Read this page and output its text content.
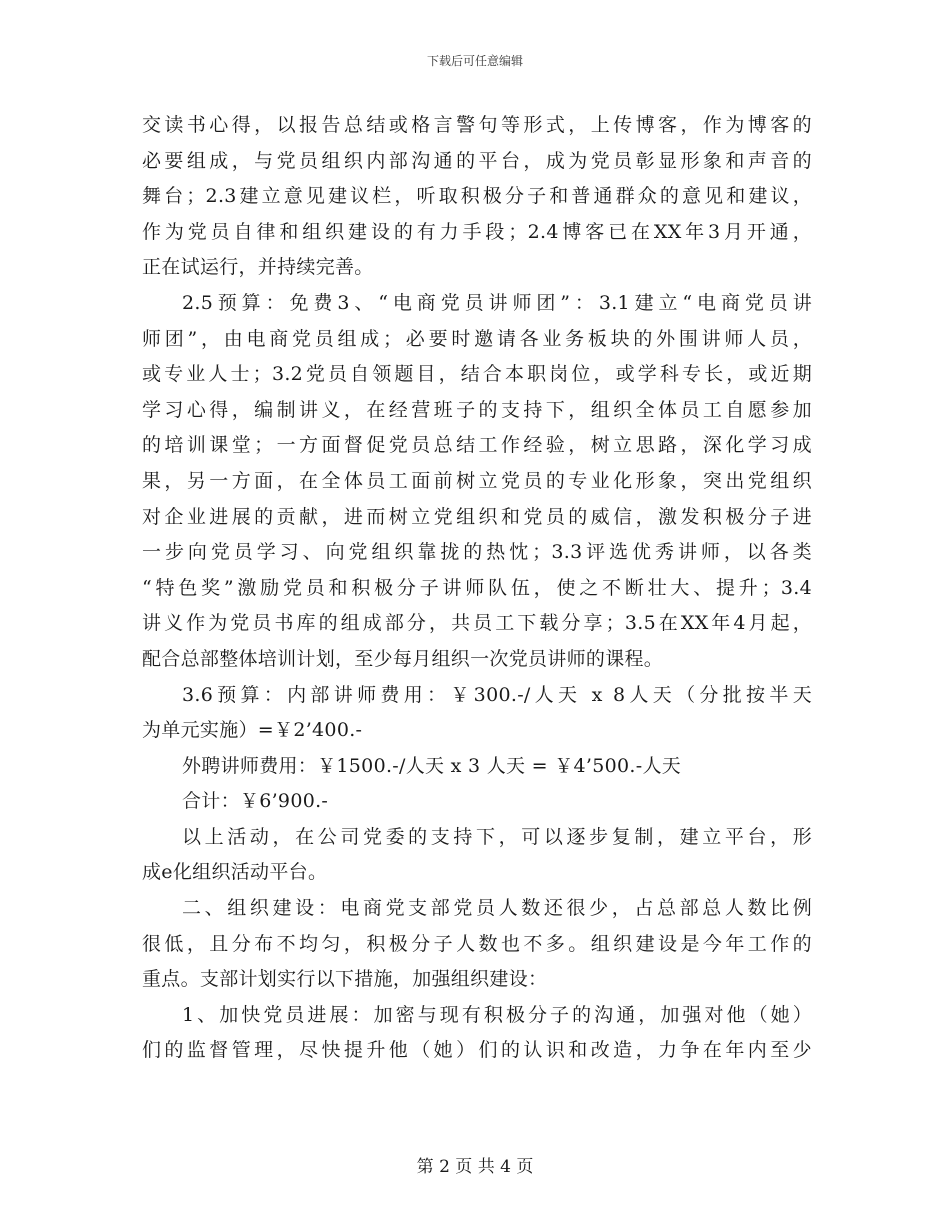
下载后可任意编辑
交读书心得，以报告总结或格言警句等形式，上传博客，作为博客的
必要组成，与党员组织内部沟通的平台，成为党员彰显形象和声音的
舞台；2.3建立意见建议栏，听取积极分子和普通群众的意见和建议，
作为党员自律和组织建设的有力手段；2.4博客已在XX年3月开通，
正在试运行，并持续完善。
2.5预算：免费3、“电商党员讲师团”：3.1建立“电商党员讲
师团”，由电商党员组成；必要时邀请各业务板块的外围讲师人员，
或专业人士；3.2党员自领题目，结合本职岗位，或学科专长，或近期
学习心得，编制讲义，在经营班子的支持下，组织全体员工自愿参加
的培训课堂；一方面督促党员总结工作经验，树立思路，深化学习成
果，另一方面，在全体员工面前树立党员的专业化形象，突出党组织
对企业进展的贡献，进而树立党组织和党员的威信，激发积极分子进
一步向党员学习、向党组织靠拢的热忱；3.3评选优秀讲师，以各类
“特色奖”激励党员和积极分子讲师队伍，使之不断壮大、提升；3.4
讲义作为党员书库的组成部分，共员工下载分享；3.5在XX年4月起，
配合总部整体培训计划，至少每月组织一次党员讲师的课程。
3.6预算：内部讲师费用：￥300.-/人天 x 8人天（分批按半天
为单元实施）=￥2’400.-
外聘讲师费用：￥1500.-/人天 x 3 人天 = ￥4’500.-人天
合计：￥6’900.-
以上活动，在公司党委的支持下，可以逐步复制，建立平台，形
成e化组织活动平台。
二、组织建设：电商党支部党员人数还很少，占总部总人数比例
很低，且分布不均匀，积极分子人数也不多。组织建设是今年工作的
重点。支部计划实行以下措施，加强组织建设：
1、加快党员进展：加密与现有积极分子的沟通，加强对他（她）
们的监督管理，尽快提升他（她）们的认识和改造，力争在年内至少
第 2 页 共 4 页
